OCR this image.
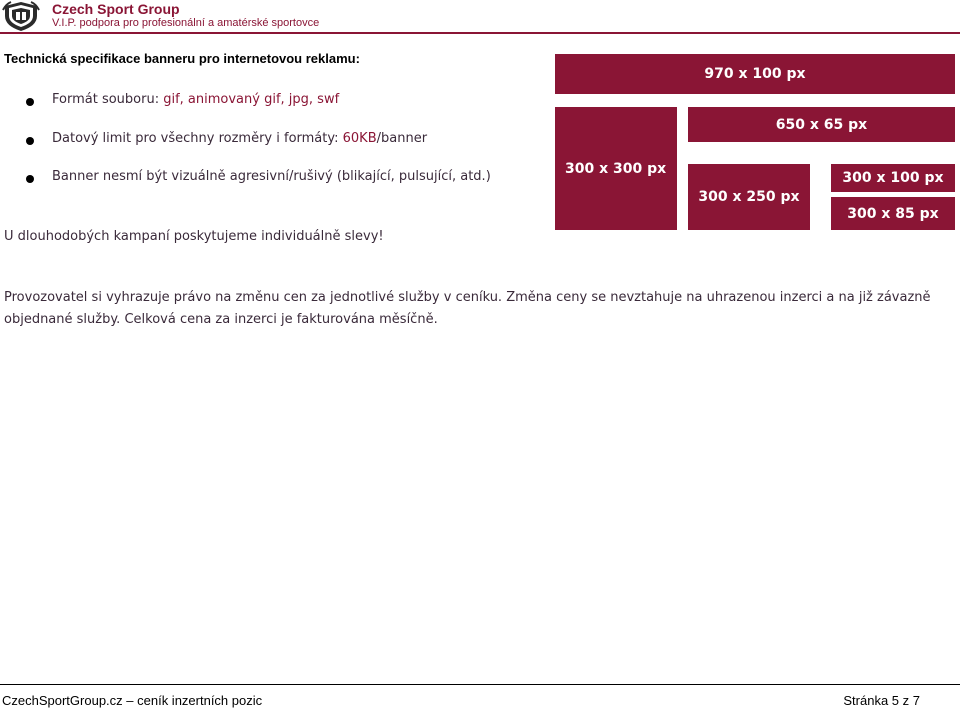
Czech Sport Group
V.I.P. podpora pro profesionální a amatérské sportovce
Technická specifikace banneru pro internetovou reklamu:
Formát souboru: gif, animovaný gif, jpg, swf
Datový limit pro všechny rozměry i formáty: 60KB/banner
Banner nesmí být vizuálně agresivní/rušivý (blikající, pulsující, atd.)
U dlouhodobých kampaní poskytujeme individuálně slevy!
970 x 100 px
300 x 300 px
650 x 65 px
300 x 250 px
300 x 100 px
300 x 85 px
Provozovatel si vyhrazuje právo na změnu cen za jednotlivé služby v ceníku. Změna ceny se nevztahuje na uhrazenou inzerci a na již závazně objednané služby. Celková cena za inzerci je fakturována měsíčně.
CzechSportGroup.cz – ceník inzertních pozic	Stránka 5 z 7
